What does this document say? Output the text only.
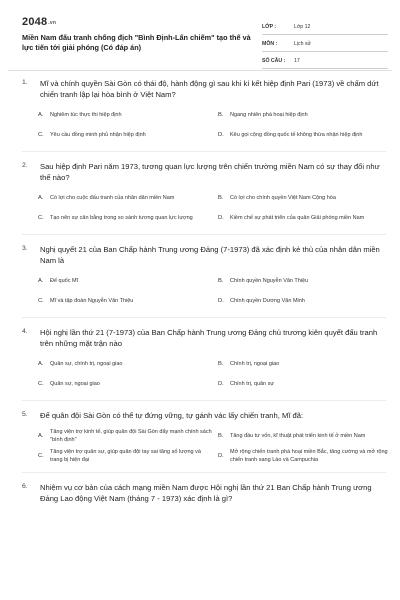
$2048^{.vn}$
Miền Nam đấu tranh chống địch "Bình Định-Lấn chiếm" tạo thế và lực tiến tới giải phóng (Có đáp án)
LỚP :	Lớp 12
MÔN :	Lịch sử
SỐ CÂU : 17
1. Mĩ và chính quyền Sài Gòn có thái độ, hành động gì sau khi kí kết hiệp định Pari (1973) về chấm dứt chiến tranh lập lại hòa bình ở Việt Nam?
A. Nghiêm túc thực thi hiệp định	B. Ngang nhiên phá hoại hiệp định
C. Yêu cầu đồng minh phủ nhận hiệp định	D. Kêu gọi cộng đồng quốc tế không thừa nhận hiệp định
2. Sau hiệp định Pari năm 1973, tương quan lực lượng trên chiến trường miền Nam có sự thay đổi như thế nào?
A. Có lợi cho cuộc đấu tranh của nhân dân miền Nam	B. Có lợi cho chính quyền Việt Nam Cộng hòa
C. Tạo nên sự cân bằng trong so sánh tương quan lực lượng	D. Kiềm chế sự phát triển của quân Giải phóng miền Nam
3. Nghị quyết 21 của Ban Chấp hành Trung ương Đảng (7-1973) đã xác định kẻ thù của nhân dân miền Nam là
A. Đế quốc Mĩ	B. Chính quyền Nguyễn Văn Thiệu
C. Mĩ và tập đoàn Nguyễn Văn Thiệu	D. Chính quyền Dương Văn Minh
4. Hội nghị lần thứ 21 (7-1973) của Ban Chấp hành Trung ương Đảng chủ trương kiên quyết đấu tranh trên những mặt trận nào
A. Quân sự, chính trị, ngoại giao	B. Chính trị, ngoại giao
C. Quân sự, ngoại giao	D. Chính trị, quân sự
5. Để quân đội Sài Gòn có thể tự đứng vững, tự gánh vác lấy chiến tranh, Mĩ đã:
A.
Tăng viện trợ kinh tế, giúp quân đội Sài Gòn đẩy mạnh chính sách "bình định"
B. Tăng đầu tư vốn, kĩ thuật phát triển kinh tế ở miền Nam
C.
Tăng viện trợ quân sự, giúp quân đội tay sai tăng số lượng và trang bị hiện đại
D.
Mở rộng chiến tranh phá hoại miền Bắc, tăng cường và mở rộng chiến tranh sang Lào và Campuchia
6. Nhiệm vụ cơ bản của cách mạng miền Nam được Hội nghị lần thứ 21 Ban Chấp hành Trung ương Đảng Lao động Việt Nam (tháng 7 - 1973) xác định là gì?
